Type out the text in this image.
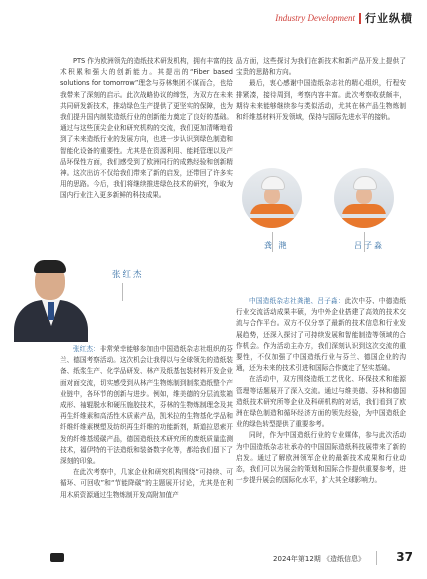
Industry Development 行业纵横

PTS 作为欧洲领先的造纸技术研发机构，拥有丰富的技术积累和强大的创新能力。其提出的“Fiber based solutions for tomorrow”理念与芬林集团不谋而合，也给我带来了深刻的启示。此次战略协议的缔签，为双方在未来共同研发新技术，推动绿色生产提供了更坚实的保障，也为我们提升国内制浆造纸行业的创新能力奠定了良好的基础。通过与这些顶尖企业和研究机构的交流，我们更加清晰地看到了未来造纸行业的发展方向，也进一步认识到绿色制造和智能化设备的重要性。尤其是在资源利用、能耗管理以及产品环保性方面，我们感受到了欧洲同行的成熟经验和创新精神。这次出访不仅给我们带来了新的启发，还带回了许多实用的思路。今后，我们将继续推进绿色技术的研究，争取为国内行业注入更多新鲜的科技成果。

品方面，这些探讨为我们在新技术和新产品开发上提供了宝贵的思路和方向。

最后，衷心感谢中国造纸杂志社的精心组织，行程安排紧凑，接待周到，考察内容丰富。此次考察收获颇丰，期待未来能够继续参与类似活动，尤其在林产品生物炼制和纤维基材料开发领域，保持与国际先进水平的接轨。

龚 滟	吕子淼

中国造纸杂志社龚滟、吕子淼：此次中芬、中德造纸行业交流活动成果丰硕，为中外企业搭建了高效的技术交流与合作平台。双方不仅分享了最新的技术信息和行业发展趋势，还深入探讨了可持续发展和智能制造等领域的合作机会。作为活动主办方，我们深刻认识到这次交流的重要性，不仅加强了中国造纸行业与芬兰、德国企业的沟通，还为未来的技术引进和国际合作奠定了坚实基础。

在活动中，双方围绕造纸工艺优化、环保技术和能源管理等话题展开了深入交流。通过与维美德、芬林和德国造纸技术研究所等企业及科研机构的对话，我们看到了欧洲在绿色制造和循环经济方面的领先经验，为中国造纸企业的绿色转型提供了重要参考。

同时，作为中国造纸行业的专业媒体，参与此次活动为中国造纸杂志社承办的中国国际造纸科技展带来了新的启发。通过了解欧洲领军企业的最新技术成果和行业动态，我们可以为展会的策划和国际合作提供重要参考，进一步提升展会的国际化水平，扩大其全球影响力。

张红杰

张红杰：非常荣幸能够参加由中国造纸杂志社组织的芬兰、德国考察活动。这次机会让我得以与全球领先的造纸装备、纸浆生产、化学品研发、林产及纸基包装材料开发企业面对面交流，切实感受到从林产生物炼制到制浆造纸整个产业链中，各环节的创新与进步。例如，维美德的分层流浆箱成形、袖辊脱水和硬压施胶技术，芬林的生物炼制理念及其再生纤维素和高活性木质素产品，凯米拉的生物基化学品和纤维纤维素模塑及纺织再生纤维的功能新剂，斯道拉恩索开发的纤维基缓碳产品，德国造纸技术研究所的废纸质量监测技术，福伊特的干法造纸和装备数字化等，都给我们留下了深刻的印象。

在此次考察中，几家企业和研究机构围绕“可持续、可循环、可回收”和“节能降碳”的主题展开讨论，尤其是在利用木质资源通过生物炼制开发高附加值产

2024年第12期 《造纸信息》	37
